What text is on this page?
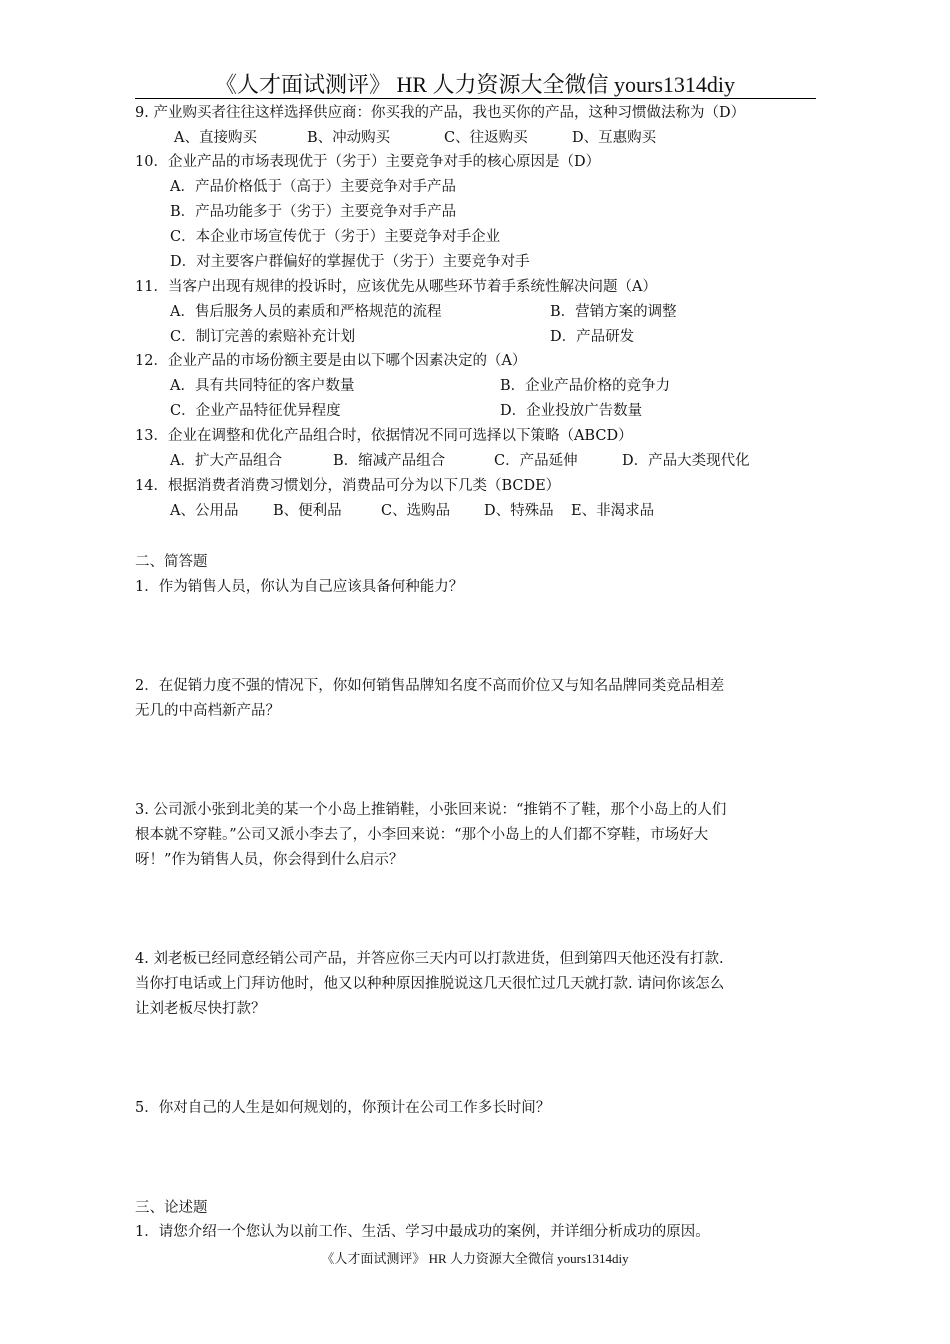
《人才面试测评》 HR 人力资源大全微信 yours1314diy
9. 产业购买者往往这样选择供应商：你买我的产品，我也买你的产品，这种习惯做法称为（D）
A、直接购买	B、冲动购买	C、往返购买	D、互惠购买
10．企业产品的市场表现优于（劣于）主要竞争对手的核心原因是（D）
A．产品价格低于（高于）主要竞争对手产品
B．产品功能多于（劣于）主要竞争对手产品
C．本企业市场宣传优于（劣于）主要竞争对手企业
D．对主要客户群偏好的掌握优于（劣于）主要竞争对手
11．当客户出现有规律的投诉时，应该优先从哪些环节着手系统性解决问题（A）
A．售后服务人员的素质和严格规范的流程	B．营销方案的调整
C．制订完善的索赔补充计划	D．产品研发
12．企业产品的市场份额主要是由以下哪个因素决定的（A）
A．具有共同特征的客户数量	B．企业产品价格的竞争力
C．企业产品特征优异程度	D．企业投放广告数量
13．企业在调整和优化产品组合时，依据情况不同可选择以下策略（ABCD）
A．扩大产品组合	B．缩减产品组合	C．产品延伸	D．产品大类现代化
14．根据消费者消费习惯划分，消费品可分为以下几类（BCDE）
A、公用品 B、便利品	C、选购品 D、特殊品 E、非渴求品
二、简答题
1．作为销售人员，你认为自己应该具备何种能力？
2．在促销力度不强的情况下，你如何销售品牌知名度不高而价位又与知名品牌同类竞品相差
无几的中高档新产品？
3. 公司派小张到北美的某一个小岛上推销鞋，小张回来说：“推销不了鞋，那个小岛上的人们
根本就不穿鞋。”公司又派小李去了，小李回来说：“那个小岛上的人们都不穿鞋，市场好大
呀！”作为销售人员，你会得到什么启示？
4. 刘老板已经同意经销公司产品，并答应你三天内可以打款进货，但到第四天他还没有打款.
当你打电话或上门拜访他时，他又以种种原因推脱说这几天很忙过几天就打款. 请问你该怎么
让刘老板尽快打款？
5．你对自己的人生是如何规划的，你预计在公司工作多长时间？
三、论述题
1．请您介绍一个您认为以前工作、生活、学习中最成功的案例，并详细分析成功的原因。
《人才面试测评》 HR 人力资源大全微信 yours1314diy
